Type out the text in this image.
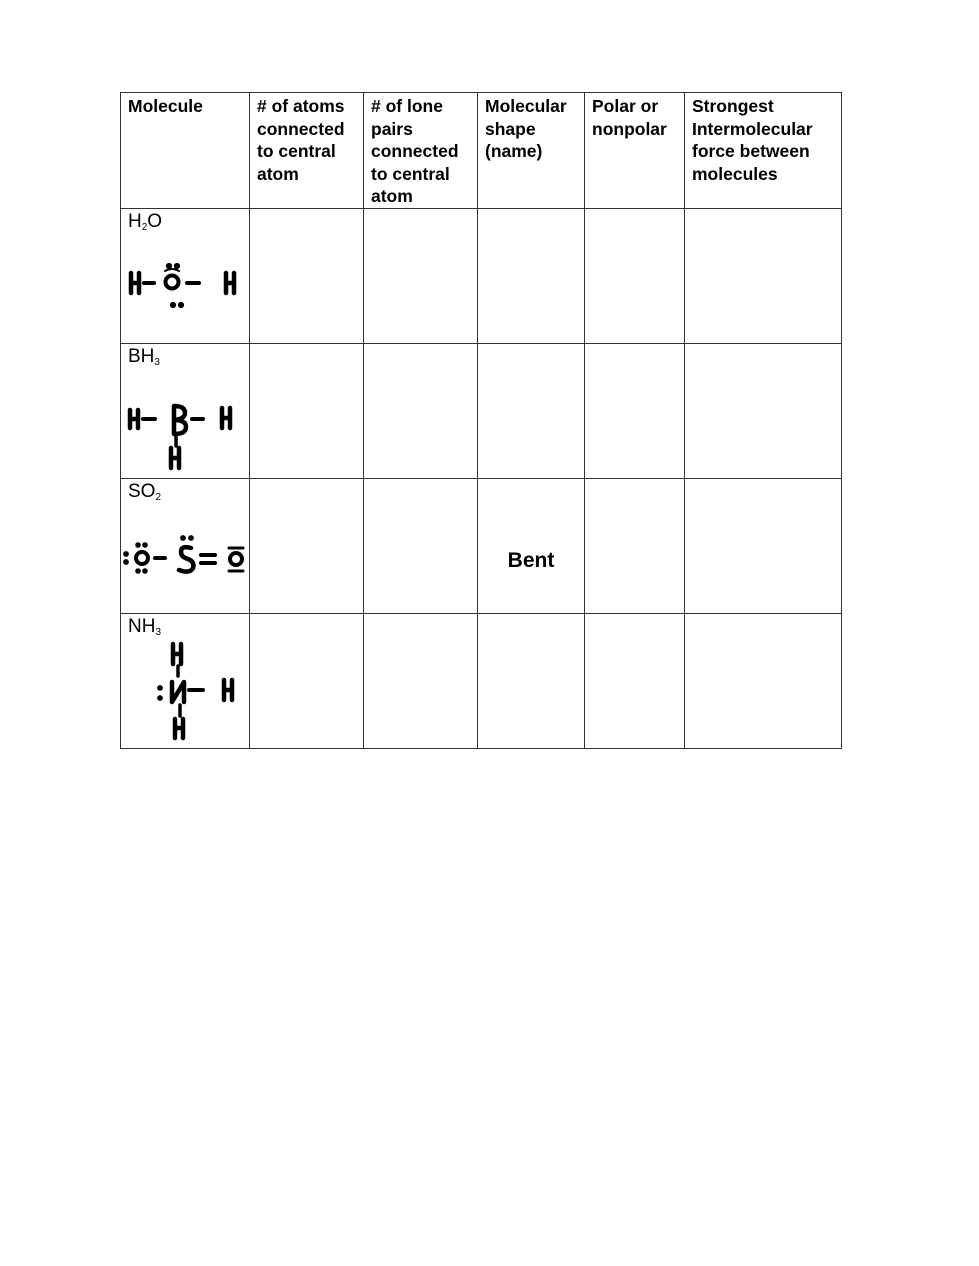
Molecule	# of atoms connected to central atom	# of lone pairs connected to central atom	Molecular shape (name)	Polar or nonpolar	Strongest Intermolecular force between molecules

$H_2O$					

$BH_3$

$SO_2$			Bent		

$NH_3$
